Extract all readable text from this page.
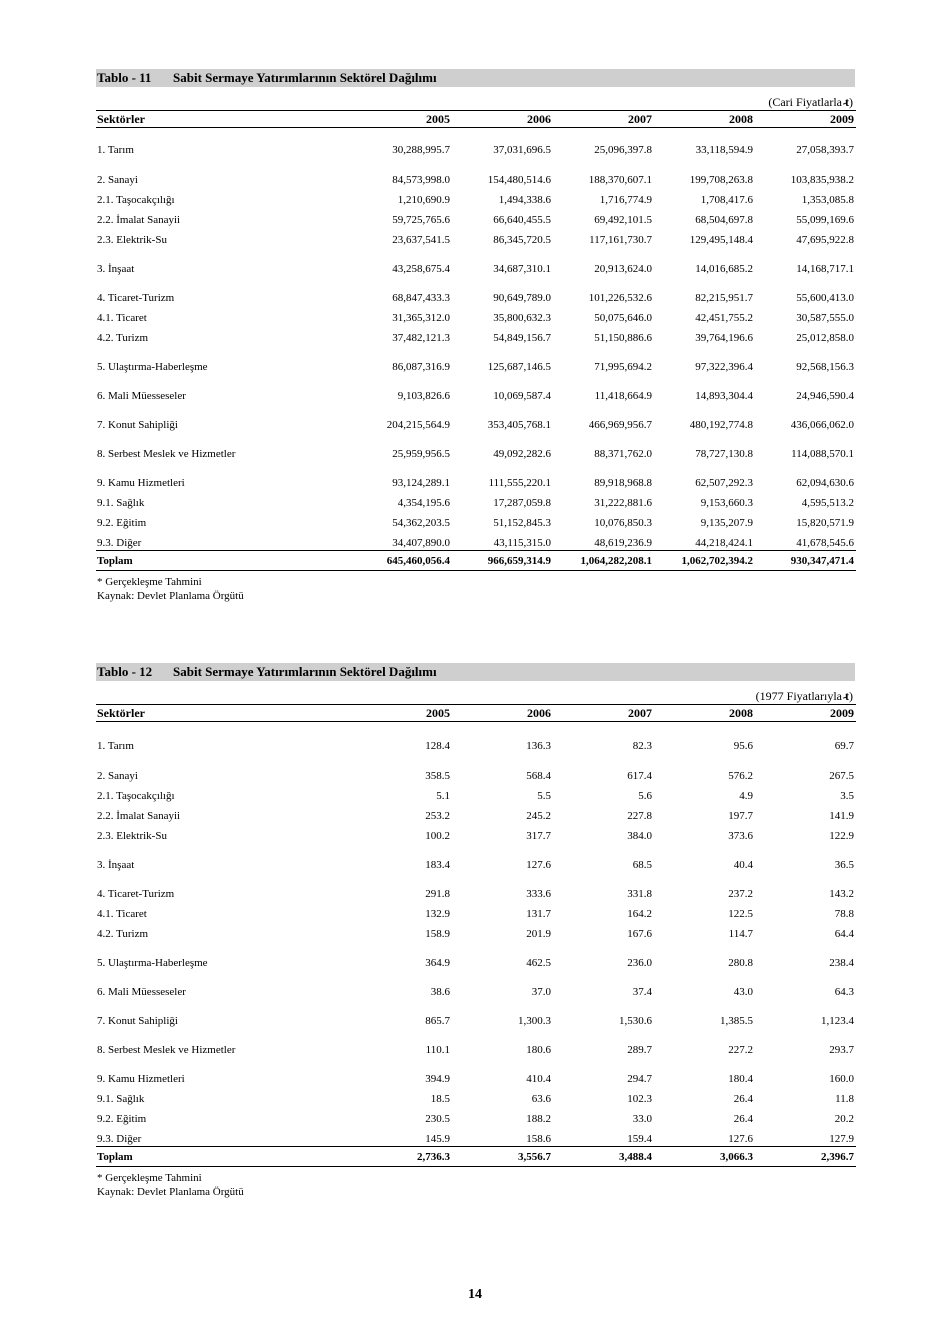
Tablo - 11 Sabit Sermaye Yatırımlarının Sektörel Dağılımı
(Cari Fiyatlarla t)
Sektörler	2005	2006	2007	2008	2009
1. Tarım	30,288,995.7	37,031,696.5	25,096,397.8	33,118,594.9	27,058,393.7
2. Sanayi	84,573,998.0	154,480,514.6	188,370,607.1	199,708,263.8	103,835,938.2
2.1. Taşocakçılığı	1,210,690.9	1,494,338.6	1,716,774.9	1,708,417.6	1,353,085.8
2.2. İmalat Sanayii	59,725,765.6	66,640,455.5	69,492,101.5	68,504,697.8	55,099,169.6
2.3. Elektrik-Su	23,637,541.5	86,345,720.5	117,161,730.7	129,495,148.4	47,695,922.8
3. İnşaat	43,258,675.4	34,687,310.1	20,913,624.0	14,016,685.2	14,168,717.1
4. Ticaret-Turizm	68,847,433.3	90,649,789.0	101,226,532.6	82,215,951.7	55,600,413.0
4.1. Ticaret	31,365,312.0	35,800,632.3	50,075,646.0	42,451,755.2	30,587,555.0
4.2. Turizm	37,482,121.3	54,849,156.7	51,150,886.6	39,764,196.6	25,012,858.0
5. Ulaştırma-Haberleşme	86,087,316.9	125,687,146.5	71,995,694.2	97,322,396.4	92,568,156.3
6. Mali Müesseseler	9,103,826.6	10,069,587.4	11,418,664.9	14,893,304.4	24,946,590.4
7. Konut Sahipliği	204,215,564.9	353,405,768.1	466,969,956.7	480,192,774.8	436,066,062.0
8. Serbest Meslek ve Hizmetler	25,959,956.5	49,092,282.6	88,371,762.0	78,727,130.8	114,088,570.1
9. Kamu Hizmetleri	93,124,289.1	111,555,220.1	89,918,968.8	62,507,292.3	62,094,630.6
9.1. Sağlık	4,354,195.6	17,287,059.8	31,222,881.6	9,153,660.3	4,595,513.2
9.2. Eğitim	54,362,203.5	51,152,845.3	10,076,850.3	9,135,207.9	15,820,571.9
9.3. Diğer	34,407,890.0	43,115,315.0	48,619,236.9	44,218,424.1	41,678,545.6
Toplam	645,460,056.4	966,659,314.9	1,064,282,208.1	1,062,702,394.2	930,347,471.4
* Gerçekleşme Tahmini
Kaynak: Devlet Planlama Örgütü
Tablo - 12 Sabit Sermaye Yatırımlarının Sektörel Dağılımı
(1977 Fiyatlarıyla t)
Sektörler	2005	2006	2007	2008	2009
1. Tarım	128.4	136.3	82.3	95.6	69.7
2. Sanayi	358.5	568.4	617.4	576.2	267.5
2.1. Taşocakçılığı	5.1	5.5	5.6	4.9	3.5
2.2. İmalat Sanayii	253.2	245.2	227.8	197.7	141.9
2.3. Elektrik-Su	100.2	317.7	384.0	373.6	122.9
3. İnşaat	183.4	127.6	68.5	40.4	36.5
4. Ticaret-Turizm	291.8	333.6	331.8	237.2	143.2
4.1. Ticaret	132.9	131.7	164.2	122.5	78.8
4.2. Turizm	158.9	201.9	167.6	114.7	64.4
5. Ulaştırma-Haberleşme	364.9	462.5	236.0	280.8	238.4
6. Mali Müesseseler	38.6	37.0	37.4	43.0	64.3
7. Konut Sahipliği	865.7	1,300.3	1,530.6	1,385.5	1,123.4
8. Serbest Meslek ve Hizmetler	110.1	180.6	289.7	227.2	293.7
9. Kamu Hizmetleri	394.9	410.4	294.7	180.4	160.0
9.1. Sağlık	18.5	63.6	102.3	26.4	11.8
9.2. Eğitim	230.5	188.2	33.0	26.4	20.2
9.3. Diğer	145.9	158.6	159.4	127.6	127.9
Toplam	2,736.3	3,556.7	3,488.4	3,066.3	2,396.7
* Gerçekleşme Tahmini
Kaynak: Devlet Planlama Örgütü
14
